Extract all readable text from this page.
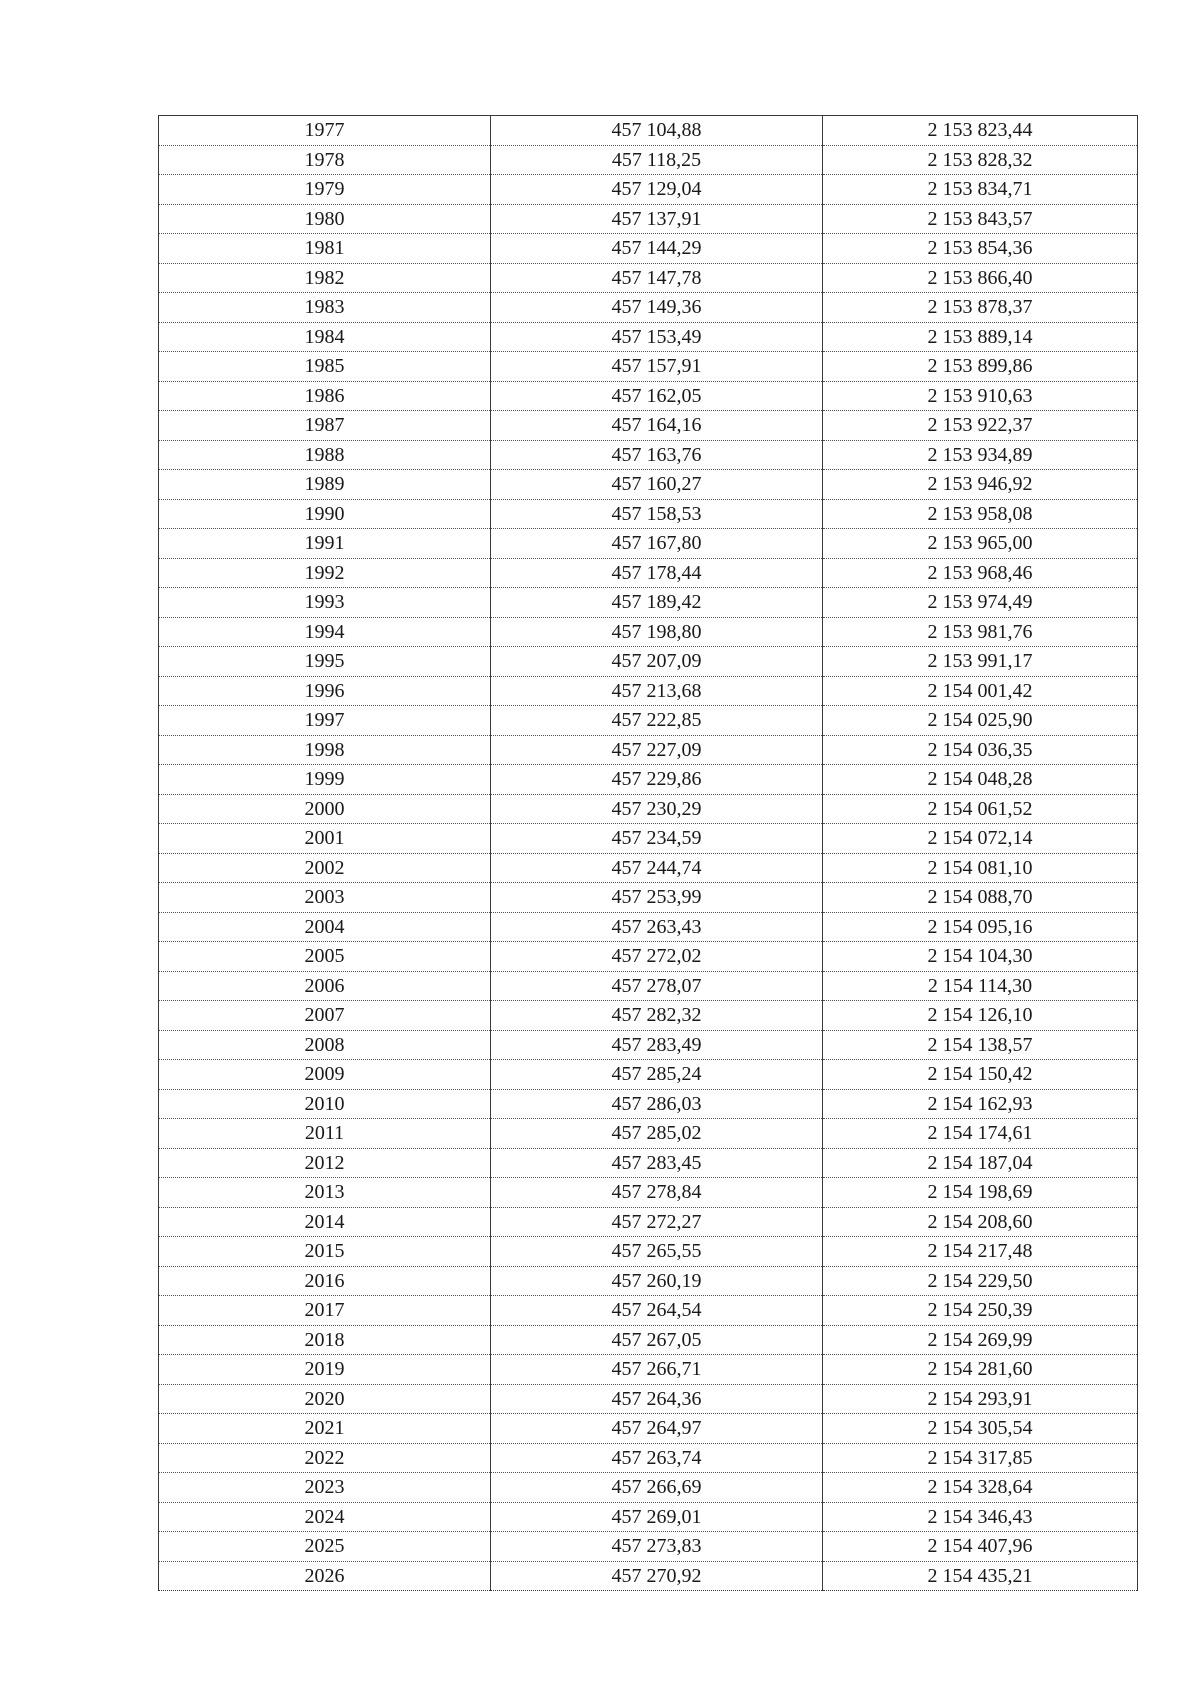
1977	457 104,88	2 153 823,44
1978	457 118,25	2 153 828,32
1979	457 129,04	2 153 834,71
1980	457 137,91	2 153 843,57
1981	457 144,29	2 153 854,36
1982	457 147,78	2 153 866,40
1983	457 149,36	2 153 878,37
1984	457 153,49	2 153 889,14
1985	457 157,91	2 153 899,86
1986	457 162,05	2 153 910,63
1987	457 164,16	2 153 922,37
1988	457 163,76	2 153 934,89
1989	457 160,27	2 153 946,92
1990	457 158,53	2 153 958,08
1991	457 167,80	2 153 965,00
1992	457 178,44	2 153 968,46
1993	457 189,42	2 153 974,49
1994	457 198,80	2 153 981,76
1995	457 207,09	2 153 991,17
1996	457 213,68	2 154 001,42
1997	457 222,85	2 154 025,90
1998	457 227,09	2 154 036,35
1999	457 229,86	2 154 048,28
2000	457 230,29	2 154 061,52
2001	457 234,59	2 154 072,14
2002	457 244,74	2 154 081,10
2003	457 253,99	2 154 088,70
2004	457 263,43	2 154 095,16
2005	457 272,02	2 154 104,30
2006	457 278,07	2 154 114,30
2007	457 282,32	2 154 126,10
2008	457 283,49	2 154 138,57
2009	457 285,24	2 154 150,42
2010	457 286,03	2 154 162,93
2011	457 285,02	2 154 174,61
2012	457 283,45	2 154 187,04
2013	457 278,84	2 154 198,69
2014	457 272,27	2 154 208,60
2015	457 265,55	2 154 217,48
2016	457 260,19	2 154 229,50
2017	457 264,54	2 154 250,39
2018	457 267,05	2 154 269,99
2019	457 266,71	2 154 281,60
2020	457 264,36	2 154 293,91
2021	457 264,97	2 154 305,54
2022	457 263,74	2 154 317,85
2023	457 266,69	2 154 328,64
2024	457 269,01	2 154 346,43
2025	457 273,83	2 154 407,96
2026	457 270,92	2 154 435,21
